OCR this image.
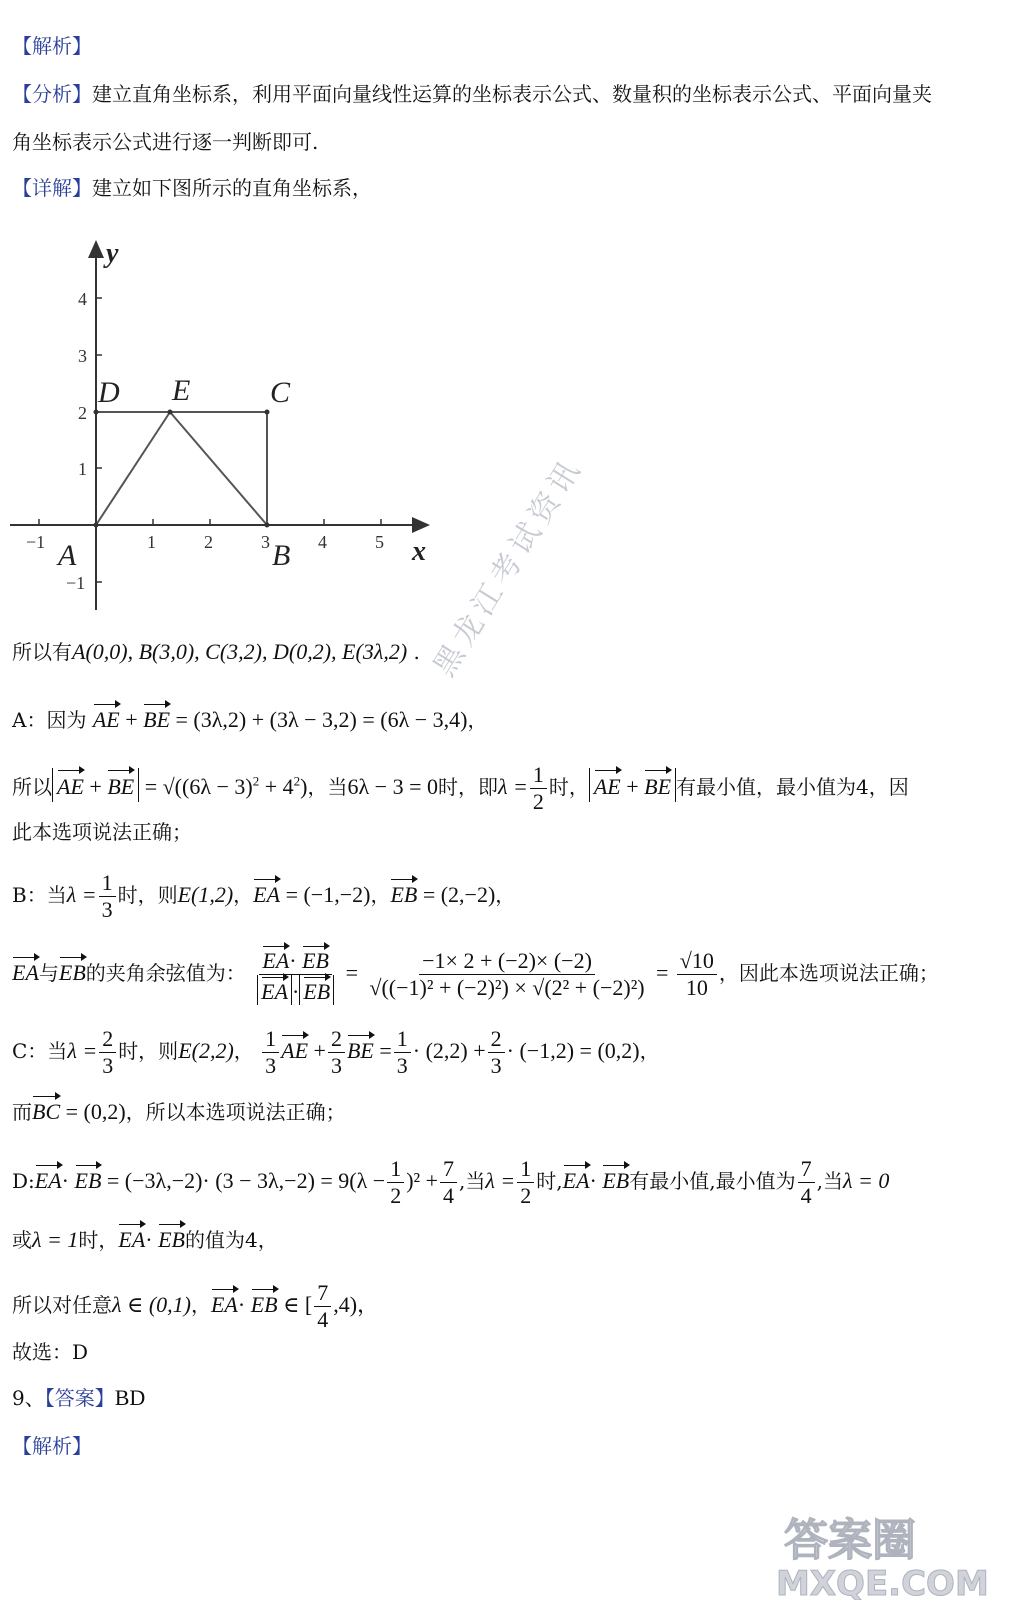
【解析】
【分析】建立直角坐标系，利用平面向量线性运算的坐标表示公式、数量积的坐标表示公式、平面向量夹
角坐标表示公式进行逐一判断即可.
【详解】建立如下图所示的直角坐标系，
−1	1	2	3	4	5
4
3
2
1
−1
y
x
A	B
C
D E
所以有A(0,0), B(3,0), C(3,2), D(0,2), E(3λ,2) .
A：因为 AE + BE = (3λ,2) + (3λ − 3,2) = (6λ − 3,4)，
所以 AE + BE = $√((6\lambda - 3)^2 + 4^2)$，当6λ − 3 = 0时，即$\lambda = \frac{1}{2}$ 时， AE + BE 有最小值，最小值为4，因
此本选项说法正确；
B：当$\lambda = \frac{1}{3}$ 时，则E(1,2)，EA = (−1,−2)，EB = (2,−2)，
EA与EB的夹角余弦值为： $\frac{EA\cdot EB}{EA \cdot EB} = \frac{-1\times 2 + (-2)\times (-2)}{\text{√((−1)² + (−2)²) × √(2² + (−2)²)}} = \frac{√10}{10}$ ，因此本选项说法正确；
C：当$\lambda = \frac{2}{3}$ 时，则E(2,2)， $\frac{1}{3}$ AE + $\frac{2}{3}$ BE = $\frac{1}{3} \cdot (2,2) + \frac{2}{3} \cdot (-1,2) = (0,2)$，
而BC = (0,2)，所以本选项说法正确；
D:EA· EB = $(-3\lambda,-2)\cdot (3 - 3\lambda,-2) = 9(\lambda - \frac{1}{2} )^2 + \frac{7}{4}$ ,当$\lambda = \frac{1}{2}$ 时,EA· EB有最小值,最小值为 $\frac{7}{4}$ ,当λ = 0
或λ = 1时，EA· EB的值为4，
所以对任意λ ∈ (0,1)，EA· EB ∈ [ $\frac{7}{4} ,4$)，
故选：D
9、【答案】BD
【解析】
黑龙江考试资讯
答案圈
MXQE.COM
